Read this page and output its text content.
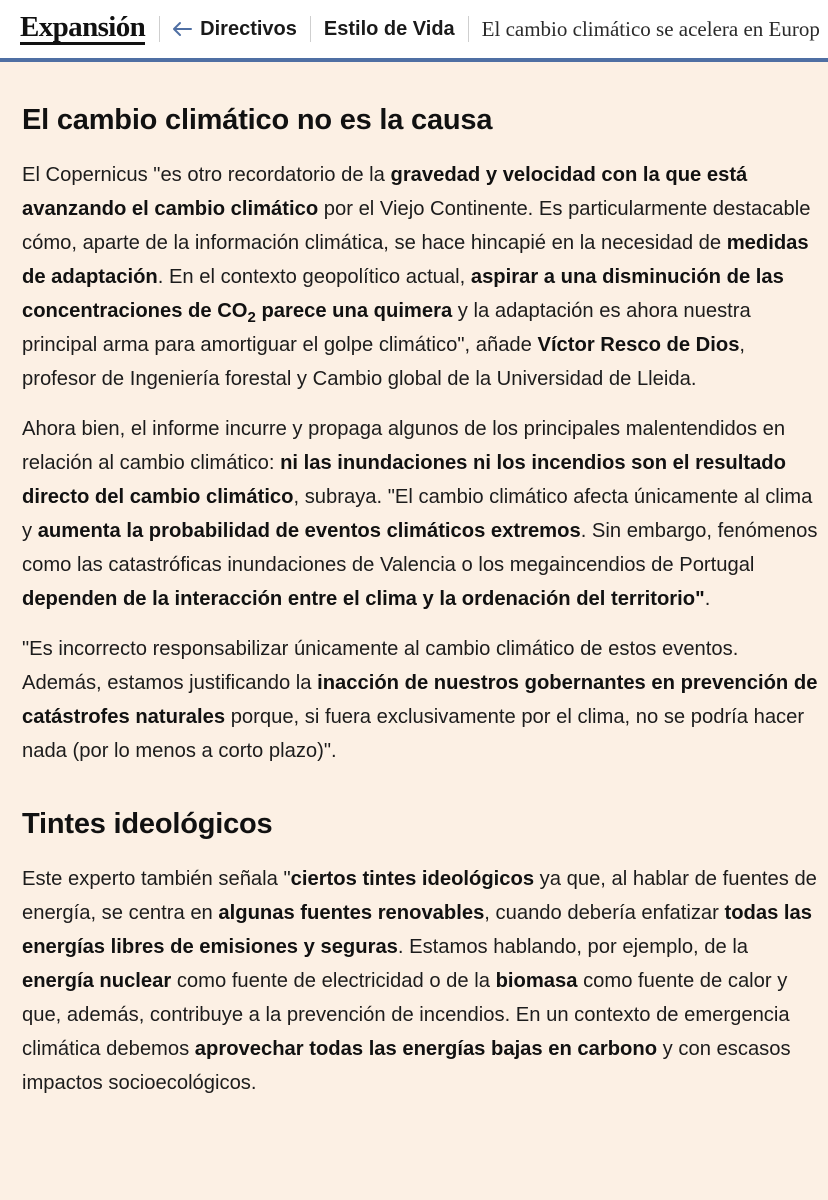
Expansión	Directivos Estilo de Vida El cambio climático se acelera en Europ
El cambio climático no es la causa

El Copernicus "es otro recordatorio de la gravedad y velocidad con la que está avanzando el cambio climático por el Viejo Continente. Es particularmente destacable cómo, aparte de la información climática, se hace hincapié en la necesidad de medidas de adaptación. En el contexto geopolítico actual, aspirar a una disminución de las concentraciones de $CO_2$ parece una quimera y la adaptación es ahora nuestra principal arma para amortiguar el golpe climático", añade Víctor Resco de Dios, profesor de Ingeniería forestal y Cambio global de la Universidad de Lleida.

Ahora bien, el informe incurre y propaga algunos de los principales malentendidos en relación al cambio climático: ni las inundaciones ni los incendios son el resultado directo del cambio climático, subraya. "El cambio climático afecta únicamente al clima y aumenta la probabilidad de eventos climáticos extremos. Sin embargo, fenómenos como las catastróficas inundaciones de Valencia o los megaincendios de Portugal dependen de la interacción entre el clima y la ordenación del territorio".

"Es incorrecto responsabilizar únicamente al cambio climático de estos eventos. Además, estamos justificando la inacción de nuestros gobernantes en prevención de catástrofes naturales porque, si fuera exclusivamente por el clima, no se podría hacer nada (por lo menos a corto plazo)".

Tintes ideológicos

Este experto también señala "ciertos tintes ideológicos ya que, al hablar de fuentes de energía, se centra en algunas fuentes renovables, cuando debería enfatizar todas las energías libres de emisiones y seguras. Estamos hablando, por ejemplo, de la energía nuclear como fuente de electricidad o de la biomasa como fuente de calor y que, además, contribuye a la prevención de incendios. En un contexto de emergencia climática debemos aprovechar todas las energías bajas en carbono y con escasos impactos socioecológicos.
